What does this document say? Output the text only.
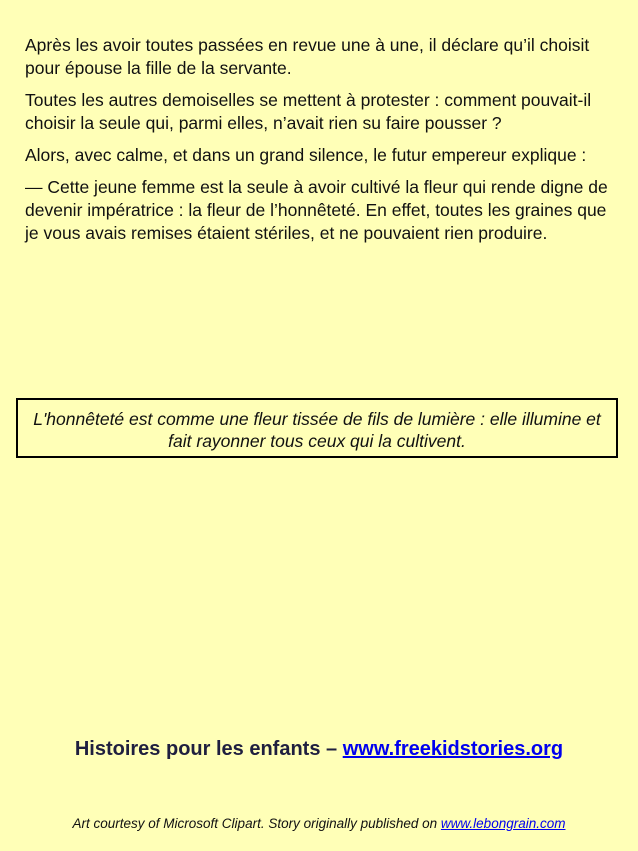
Après les avoir toutes passées en revue une à une, il déclare qu’il choisit pour épouse la fille de la servante.

Toutes les autres demoiselles se mettent à protester : comment pouvait-il choisir la seule qui, parmi elles, n’avait rien su faire pousser ?

Alors, avec calme, et dans un grand silence, le futur empereur explique :

— Cette jeune femme est la seule à avoir cultivé la fleur qui rende digne de devenir impératrice : la fleur de l’honnêteté. En effet, toutes les graines que je vous avais remises étaient stériles, et ne pouvaient rien produire.

L'honnêteté est comme une fleur tissée de fils de lumière : elle illumine et fait rayonner tous ceux qui la cultivent.
Histoires pour les enfants – www.freekidstories.org
Art courtesy of Microsoft Clipart. Story originally published on www.lebongrain.com
